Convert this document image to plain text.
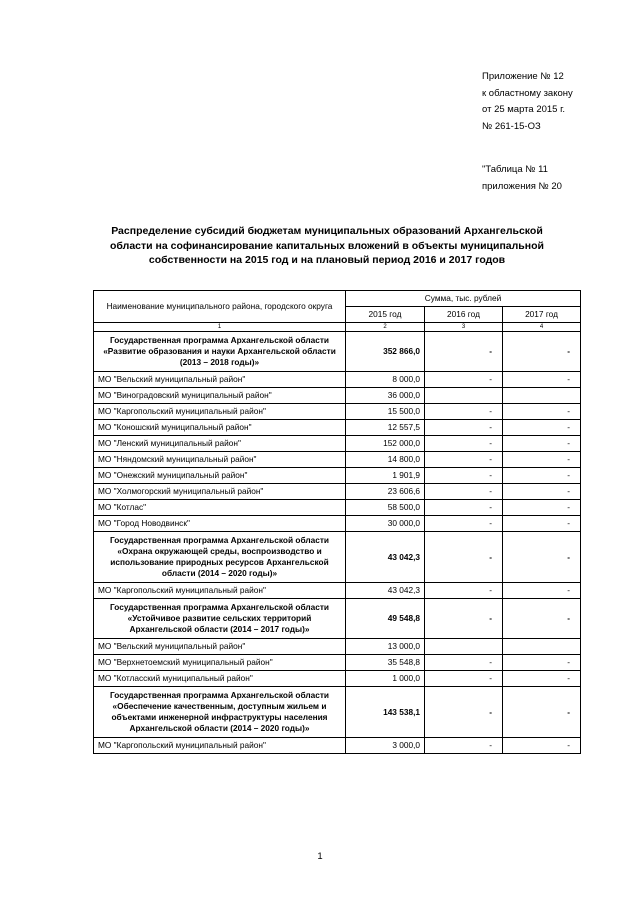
Приложение № 12
к областному закону
от 25 марта 2015 г.
№ 261-15-ОЗ
"Таблица № 11
приложения № 20
Распределение субсидий бюджетам муниципальных образований Архангельской области на софинансирование капитальных вложений в объекты муниципальной собственности на 2015 год и на плановый период 2016 и 2017 годов
Наименование муниципального района, городского округа	Сумма, тыс. рублей		
	2015 год	2016 год	2017 год
1	2	3	4
Государственная программа Архангельской области «Развитие образования и науки Архангельской области (2013 – 2018 годы)»	352 866,0	-	-
МО "Вельский муниципальный район"	8 000,0	-	-
МО "Виноградовский муниципальный район"	36 000,0		
МО "Каргопольский муниципальный район"	15 500,0	-	-
МО "Коношский муниципальный район"	12 557,5	-	-
МО "Ленский муниципальный район"	152 000,0	-	-
МО "Няндомский муниципальный район"	14 800,0	-	-
МО "Онежский муниципальный район"	1 901,9	-	-
МО "Холмогорский муниципальный район"	23 606,6	-	-
МО "Котлас"	58 500,0	-	-
МО "Город Новодвинск"	30 000,0	-	-
Государственная программа Архангельской области «Охрана окружающей среды, воспроизводство и использование природных ресурсов Архангельской области (2014 – 2020 годы)»	43 042,3	-	-
МО "Каргопольский муниципальный район"	43 042,3	-	-
Государственная программа Архангельской области «Устойчивое развитие сельских территорий Архангельской области (2014 – 2017 годы)»	49 548,8	-	-
МО "Вельский муниципальный район"	13 000,0		
МО "Верхнетоемский муниципальный район"	35 548,8	-	-
МО "Котласский муниципальный район"	1 000,0	-	-
Государственная программа Архангельской области «Обеспечение качественным, доступным жильем и объектами инженерной инфраструктуры населения Архангельской области (2014 – 2020 годы)»	143 538,1	-	-
МО "Каргопольский муниципальный район"	3 000,0	-	-
1
